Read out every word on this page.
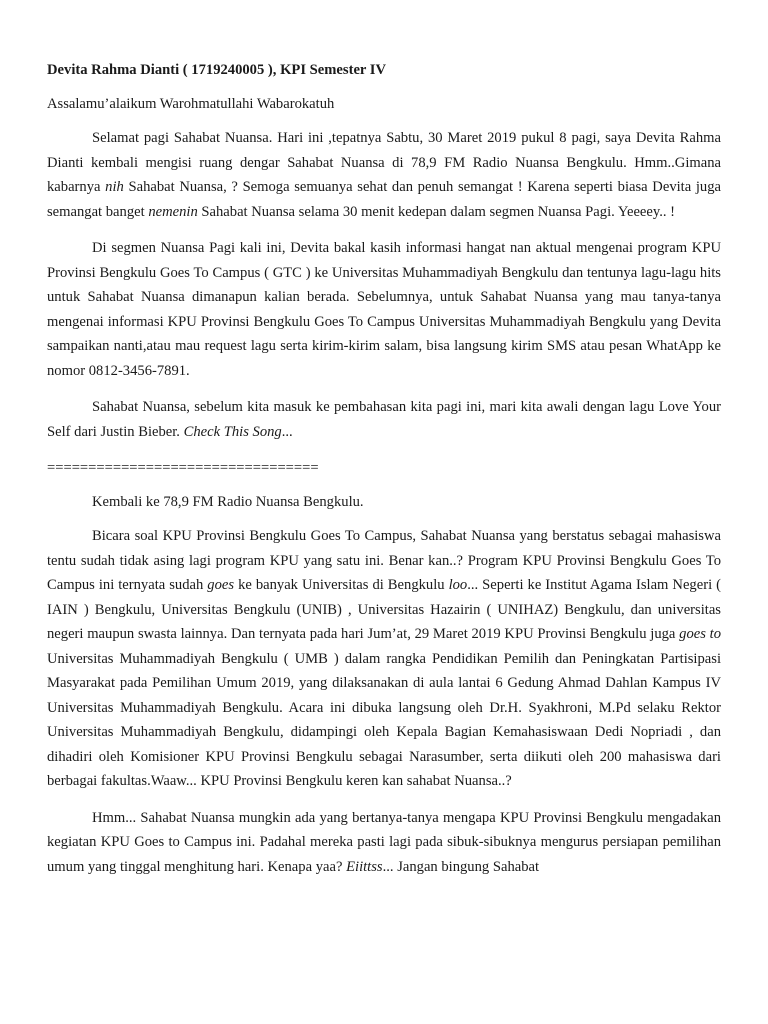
Devita Rahma Dianti ( 1719240005 ), KPI Semester IV

Assalamu’alaikum Warohmatullahi Wabarokatuh

Selamat pagi Sahabat Nuansa. Hari ini ,tepatnya Sabtu, 30 Maret 2019 pukul 8 pagi, saya Devita Rahma Dianti kembali mengisi ruang dengar Sahabat Nuansa di 78,9 FM Radio Nuansa Bengkulu. Hmm..Gimana kabarnya nih Sahabat Nuansa, ? Semoga semuanya sehat dan penuh semangat ! Karena seperti biasa Devita juga semangat banget nemenin Sahabat Nuansa selama 30 menit kedepan dalam segmen Nuansa Pagi. Yeeeey.. !

Di segmen Nuansa Pagi kali ini, Devita bakal kasih informasi hangat nan aktual mengenai program KPU Provinsi Bengkulu Goes To Campus ( GTC ) ke Universitas Muhammadiyah Bengkulu dan tentunya lagu-lagu hits untuk Sahabat Nuansa dimanapun kalian berada. Sebelumnya, untuk Sahabat Nuansa yang mau tanya-tanya mengenai informasi KPU Provinsi Bengkulu Goes To Campus Universitas Muhammadiyah Bengkulu yang Devita sampaikan nanti,atau mau request lagu serta kirim-kirim salam, bisa langsung kirim SMS atau pesan WhatApp ke nomor 0812-3456-7891.

Sahabat Nuansa, sebelum kita masuk ke pembahasan kita pagi ini, mari kita awali dengan lagu Love Your Self dari Justin Bieber. Check This Song...

=================================

Kembali ke 78,9 FM Radio Nuansa Bengkulu.

Bicara soal KPU Provinsi Bengkulu Goes To Campus, Sahabat Nuansa yang berstatus sebagai mahasiswa tentu sudah tidak asing lagi program KPU yang satu ini. Benar kan..? Program KPU Provinsi Bengkulu Goes To Campus ini ternyata sudah goes ke banyak Universitas di Bengkulu loo... Seperti ke Institut Agama Islam Negeri ( IAIN ) Bengkulu, Universitas Bengkulu (UNIB) , Universitas Hazairin ( UNIHAZ) Bengkulu, dan universitas negeri maupun swasta lainnya. Dan ternyata pada hari Jum’at, 29 Maret 2019 KPU Provinsi Bengkulu juga goes to Universitas Muhammadiyah Bengkulu ( UMB ) dalam rangka Pendidikan Pemilih dan Peningkatan Partisipasi Masyarakat pada Pemilihan Umum 2019, yang dilaksanakan di aula lantai 6 Gedung Ahmad Dahlan Kampus IV Universitas Muhammadiyah Bengkulu. Acara ini dibuka langsung oleh Dr.H. Syakhroni, M.Pd selaku Rektor Universitas Muhammadiyah Bengkulu, didampingi oleh Kepala Bagian Kemahasiswaan Dedi Nopriadi , dan dihadiri oleh Komisioner KPU Provinsi Bengkulu sebagai Narasumber, serta diikuti oleh 200 mahasiswa dari berbagai fakultas.Waaw... KPU Provinsi Bengkulu keren kan sahabat Nuansa..?

Hmm... Sahabat Nuansa mungkin ada yang bertanya-tanya mengapa KPU Provinsi Bengkulu mengadakan kegiatan KPU Goes to Campus ini. Padahal mereka pasti lagi pada sibuk-sibuknya mengurus persiapan pemilihan umum yang tinggal menghitung hari. Kenapa yaa? Eiittss... Jangan bingung Sahabat
